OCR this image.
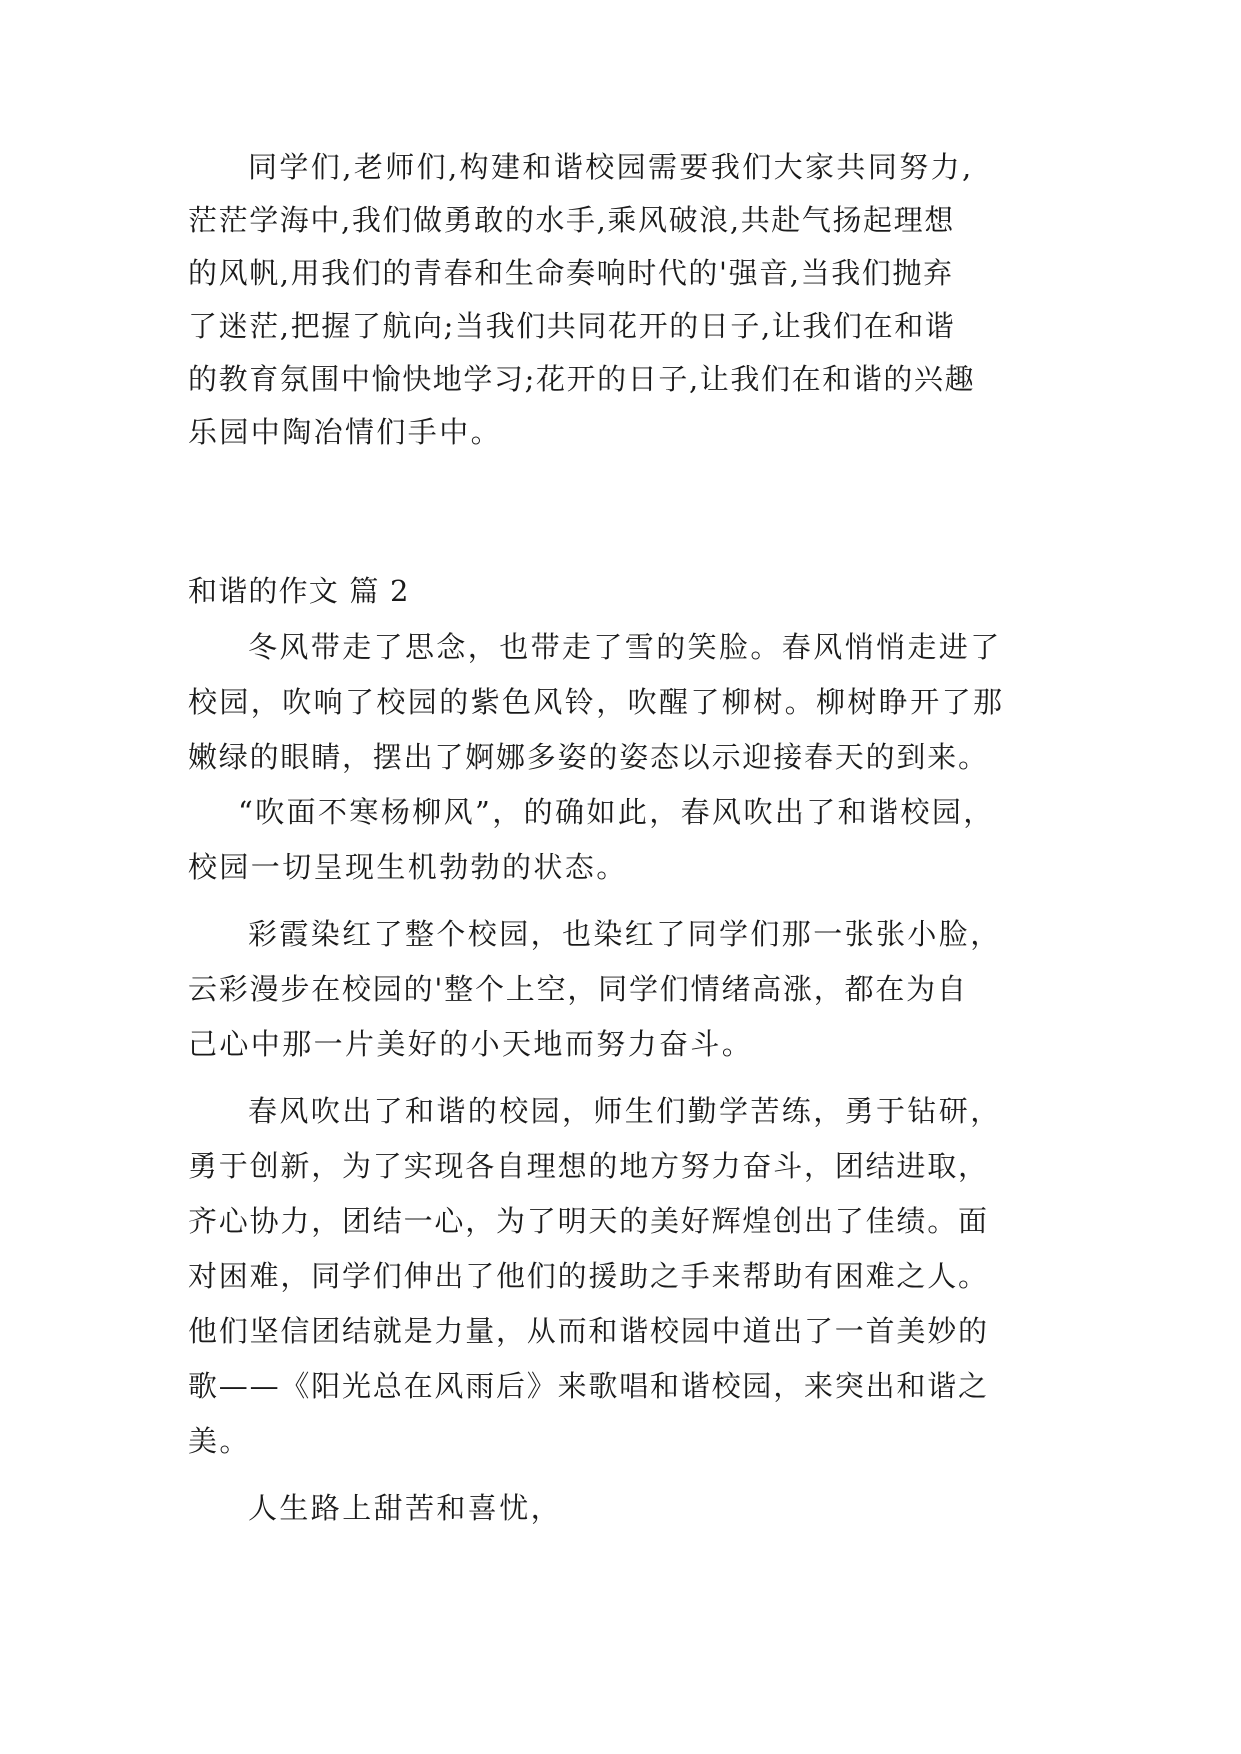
同学们,老师们,构建和谐校园需要我们大家共同努力,
茫茫学海中,我们做勇敢的水手,乘风破浪,共赴气扬起理想
的风帆,用我们的青春和生命奏响时代的'强音,当我们抛弃
了迷茫,把握了航向;当我们共同花开的日子,让我们在和谐
的教育氛围中愉快地学习;花开的日子,让我们在和谐的兴趣
乐园中陶冶情们手中。
和谐的作文 篇 2
冬风带走了思念，也带走了雪的笑脸。春风悄悄走进了
校园，吹响了校园的紫色风铃，吹醒了柳树。柳树睁开了那
嫩绿的眼睛，摆出了婀娜多姿的姿态以示迎接春天的到来。
“吹面不寒杨柳风”，的确如此，春风吹出了和谐校园，
校园一切呈现生机勃勃的状态。
彩霞染红了整个校园，也染红了同学们那一张张小脸，
云彩漫步在校园的'整个上空，同学们情绪高涨，都在为自
己心中那一片美好的小天地而努力奋斗。
春风吹出了和谐的校园，师生们勤学苦练，勇于钻研，
勇于创新，为了实现各自理想的地方努力奋斗，团结进取，
齐心协力，团结一心，为了明天的美好辉煌创出了佳绩。面
对困难，同学们伸出了他们的援助之手来帮助有困难之人。
他们坚信团结就是力量，从而和谐校园中道出了一首美妙的
歌——《阳光总在风雨后》来歌唱和谐校园，来突出和谐之
美。
人生路上甜苦和喜忧，
